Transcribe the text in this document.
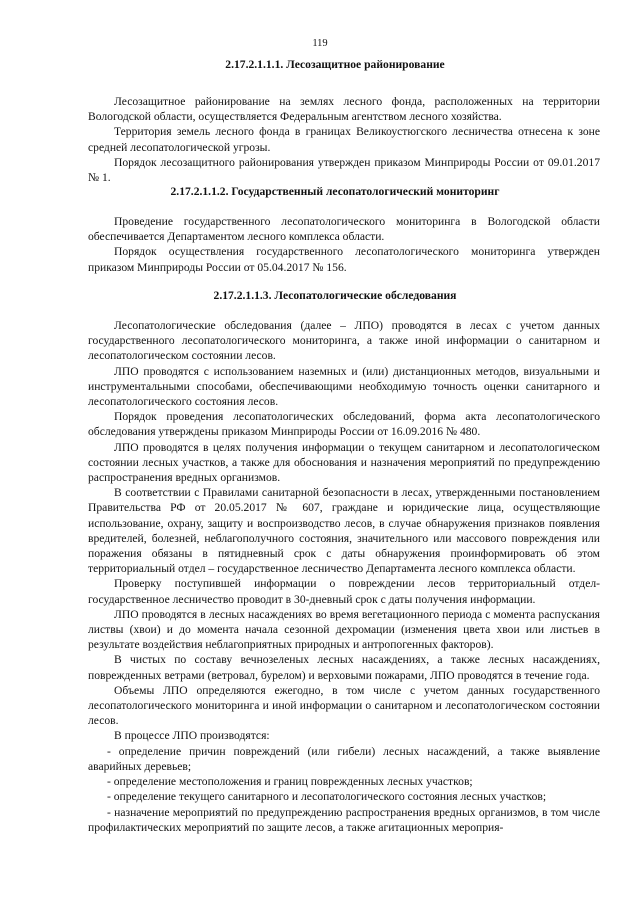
119
2.17.2.1.1.1. Лесозащитное районирование

Лесозащитное районирование на землях лесного фонда, расположенных на территории Вологодской области, осуществляется Федеральным агентством лесного хозяйства.

Территория земель лесного фонда в границах Великоустюгского лесничества отнесена к зоне средней лесопатологической угрозы.

Порядок лесозащитного районирования утвержден приказом Минприроды России от 09.01.2017 № 1.

2.17.2.1.1.2. Государственный лесопатологический мониторинг

Проведение государственного лесопатологического мониторинга в Вологодской области обеспечивается Департаментом лесного комплекса области.

Порядок осуществления государственного лесопатологического мониторинга утвержден приказом Минприроды России от 05.04.2017 № 156.

2.17.2.1.1.3. Лесопатологические обследования

Лесопатологические обследования (далее – ЛПО) проводятся в лесах с учетом данных государственного лесопатологического мониторинга, а также иной информации о санитарном и лесопатологическом состоянии лесов.

ЛПО проводятся с использованием наземных и (или) дистанционных методов, визуальными и инструментальными способами, обеспечивающими необходимую точность оценки санитарного и лесопатологического состояния лесов.

Порядок проведения лесопатологических обследований, форма акта лесопатологического обследования утверждены приказом Минприроды России от 16.09.2016 № 480.

ЛПО проводятся в целях получения информации о текущем санитарном и лесопатологическом состоянии лесных участков, а также для обоснования и назначения мероприятий по предупреждению распространения вредных организмов.

В соответствии с Правилами санитарной безопасности в лесах, утвержденными постановлением Правительства РФ от 20.05.2017 № 607, граждане и юридические лица, осуществляющие использование, охрану, защиту и воспроизводство лесов, в случае обнаружения признаков появления вредителей, болезней, неблагополучного состояния, значительного или массового повреждения или поражения обязаны в пятидневный срок с даты обнаружения проинформировать об этом территориальный отдел – государственное лесничество Департамента лесного комплекса области.

Проверку поступившей информации о повреждении лесов территориальный отдел-государственное лесничество проводит в 30-дневный срок с даты получения информации.

ЛПО проводятся в лесных насаждениях во время вегетационного периода с момента распускания листвы (хвои) и до момента начала сезонной дехромации (изменения цвета хвои или листьев в результате воздействия неблагоприятных природных и антропогенных факторов).

В чистых по составу вечнозеленых лесных насаждениях, а также лесных насаждениях, поврежденных ветрами (ветровал, бурелом) и верховыми пожарами, ЛПО проводятся в течение года.

Объемы ЛПО определяются ежегодно, в том числе с учетом данных государственного лесопатологического мониторинга и иной информации о санитарном и лесопатологическом состоянии лесов.

В процессе ЛПО производятся:

- определение причин повреждений (или гибели) лесных насаждений, а также выявление аварийных деревьев;

- определение местоположения и границ поврежденных лесных участков;

- определение текущего санитарного и лесопатологического состояния лесных участков;

- назначение мероприятий по предупреждению распространения вредных организмов, в том числе профилактических мероприятий по защите лесов, а также агитационных мероприя-
